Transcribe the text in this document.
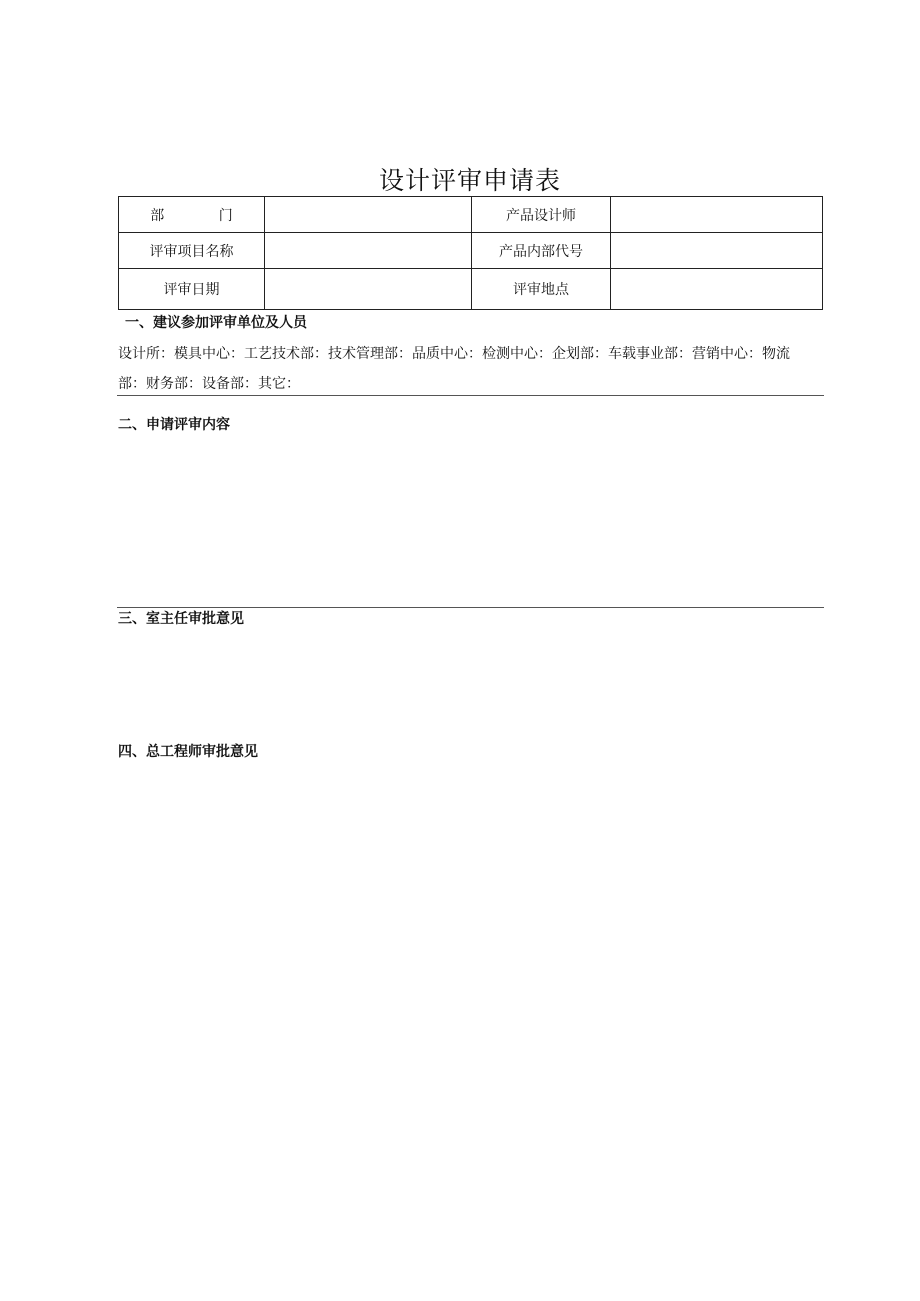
设计评审申请表
部 门		产品设计师	
评审项目名称		产品内部代号	
评审日期		评审地点	
一、建议参加评审单位及人员
设计所：模具中心：工艺技术部：技术管理部：品质中心：检测中心：企划部：车载事业部：营销中心：物流部：财务部：设备部：其它：
二、申请评审内容
三、室主任审批意见
四、总工程师审批意见
